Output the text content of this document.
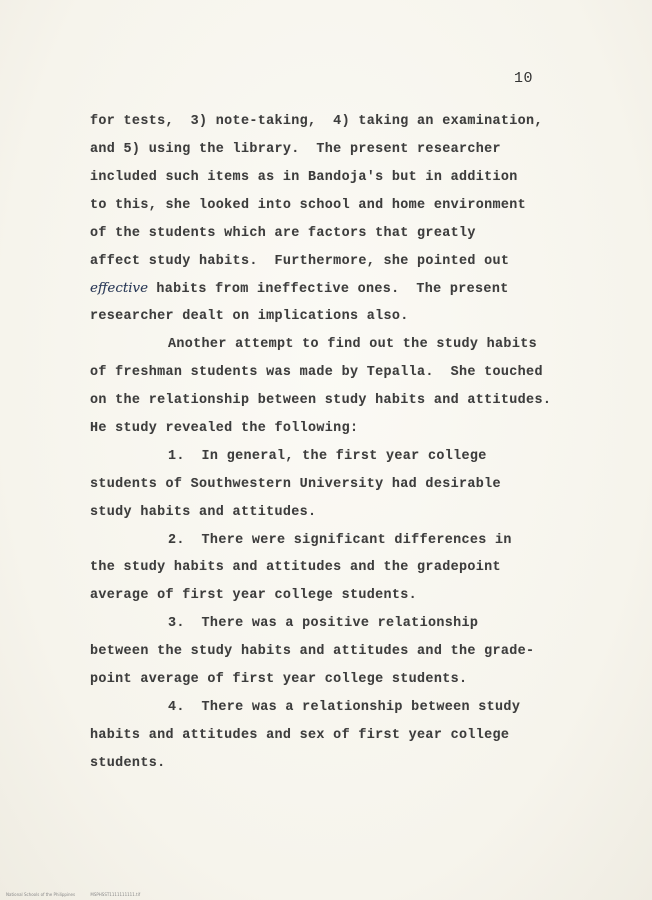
10
for tests,  3) note-taking,  4) taking an examination,
and 5) using the library.  The present researcher
included such items as in Bandoja's but in addition
to this, she looked into school and home environment
of the students which are factors that greatly
affect study habits.  Furthermore, she pointed out
effective habits from ineffective ones.  The present
researcher dealt on implications also.
Another attempt to find out the study habits
of freshman students was made by Tepalla.  She touched
on the relationship between study habits and attitudes.
He study revealed the following:
1.  In general, the first year college
students of Southwestern University had desirable
study habits and attitudes.
2.  There were significant differences in
the study habits and attitudes and the gradepoint
average of first year college students.
3.  There was a positive relationship
between the study habits and attitudes and the grade-
point average of first year college students.
4.  There was a relationship between study
habits and attitudes and sex of first year college
students.
National Schools of the Philippines	MSPHSST1111111111.tif
